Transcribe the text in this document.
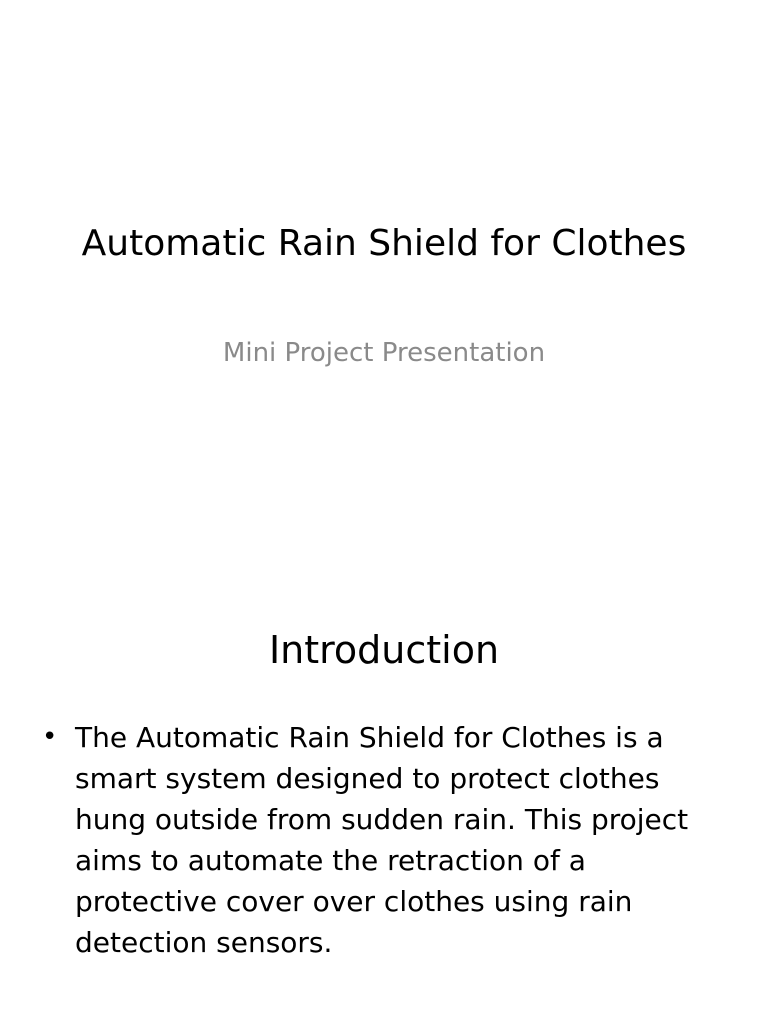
Automatic Rain Shield for Clothes
Mini Project Presentation
Introduction
• The Automatic Rain Shield for Clothes is a smart system designed to protect clothes hung outside from sudden rain. This project aims to automate the retraction of a protective cover over clothes using rain detection sensors.
